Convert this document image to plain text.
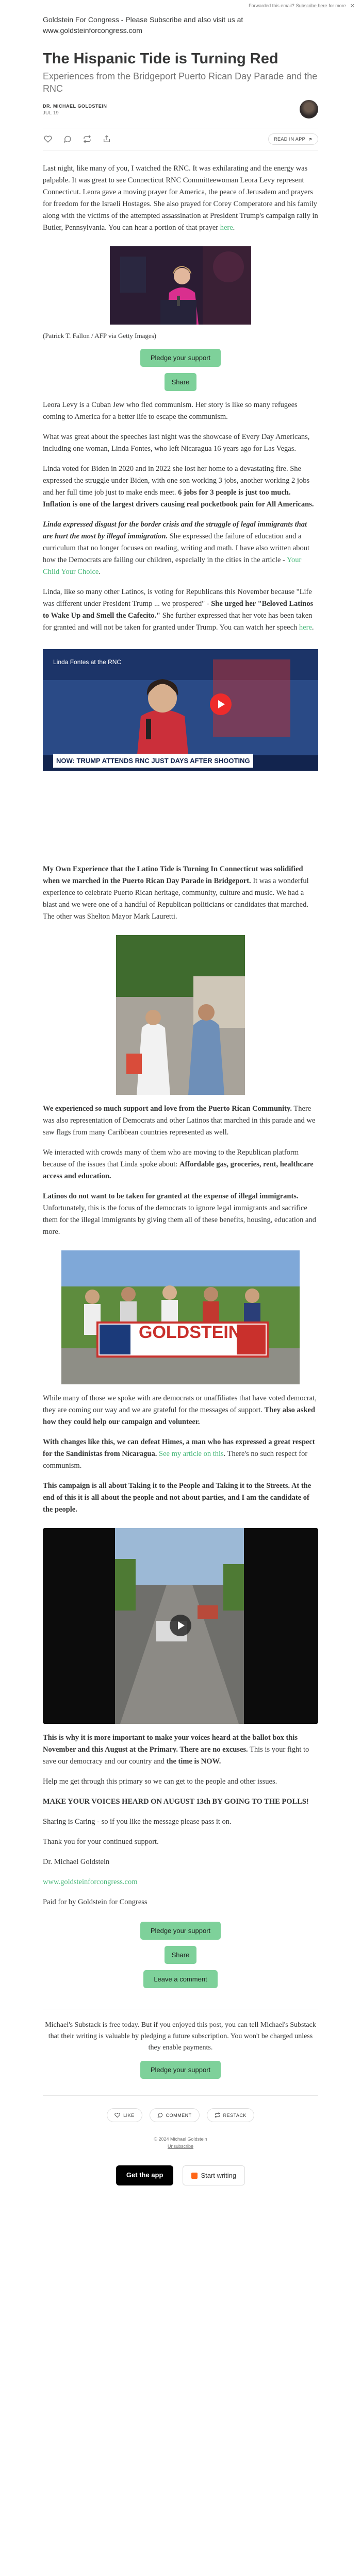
Forwarded this email? Subscribe here for more ✕

Goldstein For Congress - Please Subscribe and also visit us at

www.goldsteinforcongress.com

The Hispanic Tide is Turning Red
Experiences from the Bridgeport Puerto Rican Day Parade and the RNC
DR. MICHAEL GOLDSTEIN
JUL 19
READ IN APP

Last night, like many of you, I watched the RNC. It was exhilarating and the energy was palpable. It was great to see Connecticut RNC Committeewoman Leora Levy represent Connecticut. Leora gave a moving prayer for America, the peace of Jerusalem and prayers for freedom for the Israeli Hostages. She also prayed for Corey Comperatore and his family along with the victims of the attempted assassination at President Trump's campaign rally in Butler, Pennsylvania. You can hear a portion of that prayer here.

(Patrick T. Fallon / AFP via Getty Images)
Pledge your support
Share

Leora Levy is a Cuban Jew who fled communism. Her story is like so many refugees coming to America for a better life to escape the communism.

What was great about the speeches last night was the showcase of Every Day Americans, including one woman, Linda Fontes, who left Nicaragua 16 years ago for Las Vegas.

Linda voted for Biden in 2020 and in 2022 she lost her home to a devastating fire. She expressed the struggle under Biden, with one son working 3 jobs, another working 2 jobs and her full time job just to make ends meet. 6 jobs for 3 people is just too much. Inflation is one of the largest drivers causing real pocketbook pain for All Americans.

Linda expressed disgust for the border crisis and the struggle of legal immigrants that are hurt the most by illegal immigration. She expressed the failure of education and a curriculum that no longer focuses on reading, writing and math. I have also written about how the Democrats are failing our children, especially in the cities in the article - Your Child Your Choice.

Linda, like so many other Latinos, is voting for Republicans this November because "Life was different under President Trump ... we prospered" - She urged her "Beloved Latinos to Wake Up and Smell the Cafecito." She further expressed that her vote has been taken for granted and will not be taken for granted under Trump. You can watch her speech here.

Linda Fontes at the RNC
NOW: TRUMP ATTENDS RNC JUST DAYS AFTER SHOOTING

My Own Experience that the Latino Tide is Turning In Connecticut was solidified when we marched in the Puerto Rican Day Parade in Bridgeport. It was a wonderful experience to celebrate Puerto Rican heritage, community, culture and music. We had a blast and we were one of a handful of Republican politicians or candidates that marched. The other was Shelton Mayor Mark Lauretti.

We experienced so much support and love from the Puerto Rican Community. There was also representation of Democrats and other Latinos that marched in this parade and we saw flags from many Caribbean countries represented as well.

We interacted with crowds many of them who are moving to the Republican platform because of the issues that Linda spoke about: Affordable gas, groceries, rent, healthcare access and education.

Latinos do not want to be taken for granted at the expense of illegal immigrants. Unfortunately, this is the focus of the democrats to ignore legal immigrants and sacrifice them for the illegal immigrants by giving them all of these benefits, housing, education and more.

GOLDSTEIN

While many of those we spoke with are democrats or unaffiliates that have voted democrat, they are coming our way and we are grateful for the messages of support. They also asked how they could help our campaign and volunteer.

With changes like this, we can defeat Himes, a man who has expressed a great respect for the Sandinistas from Nicaragua. See my article on this. There's no such respect for communism.

This campaign is all about Taking it to the People and Taking it to the Streets. At the end of this it is all about the people and not about parties, and I am the candidate of the people.

This is why it is more important to make your voices heard at the ballot box this November and this August at the Primary. There are no excuses. This is your fight to save our democracy and our country and the time is NOW.

Help me get through this primary so we can get to the people and other issues.

MAKE YOUR VOICES HEARD ON AUGUST 13th BY GOING TO THE POLLS!

Sharing is Caring - so if you like the message please pass it on.

Thank you for your continued support.

Dr. Michael Goldstein

www.goldsteinforcongress.com

Paid for by Goldstein for Congress

Pledge your support
Share
Leave a comment
Michael's Substack is free today. But if you enjoyed this post, you can tell Michael's Substack that their writing is valuable by pledging a future subscription. You won't be charged unless they enable payments.
Pledge your support
LIKE	COMMENT	RESTACK
© 2024 Michael Goldstein
Unsubscribe
Get the app	Start writing
